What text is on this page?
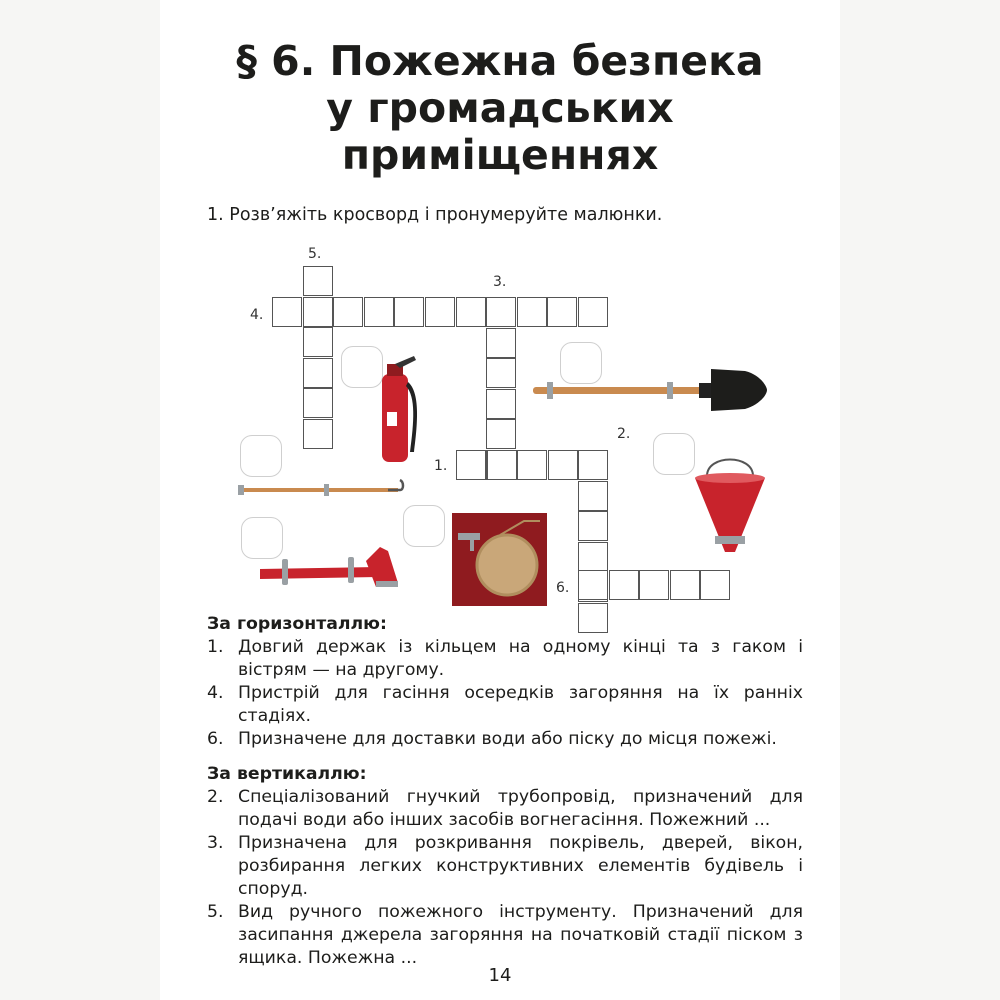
§ 6. Пожежна безпека
у громадських
приміщеннях
1. Розв’яжіть кросворд і пронумеруйте малюнки.
5.
3.
4.
2.
1.
6.
За горизонталлю:
1. Довгий держак із кільцем на одному кінці та з гаком і вістрям — на другому.
4. Пристрій для гасіння осередків загоряння на їх ранніх стадіях.
6. Призначене для доставки води або піску до місця пожежі.
За вертикаллю:
2. Спеціалізований гнучкий трубопровід, призначений для подачі води або інших засобів вогнегасіння. Пожежний ...
3. Призначена для розкривання покрівель, дверей, вікон, розбирання легких конструктивних елементів будівель і споруд.
5. Вид ручного пожежного інструменту. Призначений для засипання джерела загоряння на початковій стадії піском з ящика. Пожежна ...
14
